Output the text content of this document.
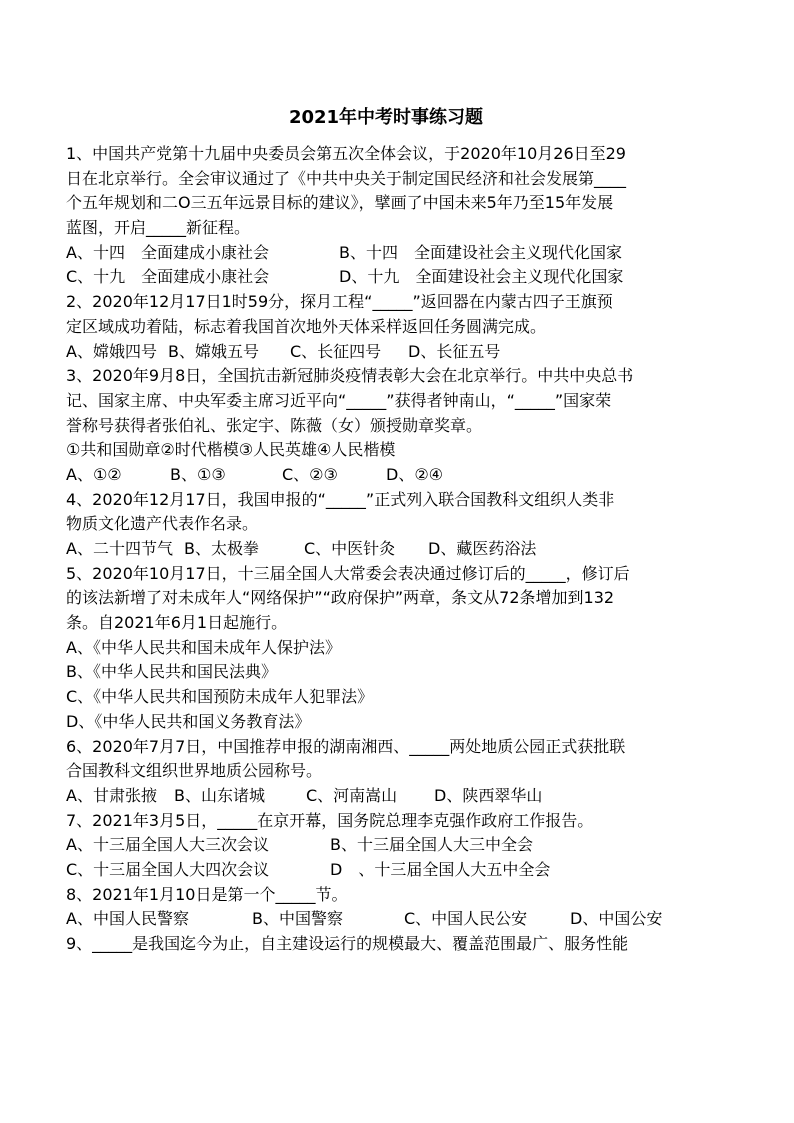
2021年中考时事练习题
1、中国共产党第十九届中央委员会第五次全体会议，于2020年10月26日至29
日在北京举行。全会审议通过了《中共中央关于制定国民经济和社会发展第____
个五年规划和二O三五年远景目标的建议》，擘画了中国未来5年乃至15年发展
蓝图，开启_____新征程。
A、十四　全面建成小康社会	B、十四　全面建设社会主义现代化国家
C、十九　全面建成小康社会	D、十九　全面建设社会主义现代化国家
2、2020年12月17日1时59分，探月工程“_____”返回器在内蒙古四子王旗预
定区域成功着陆，标志着我国首次地外天体采样返回任务圆满完成。
A、嫦娥四号 B、嫦娥五号	C、长征四号	D、长征五号
3、2020年9月8日，全国抗击新冠肺炎疫情表彰大会在北京举行。中共中央总书
记、国家主席、中央军委主席习近平向“_____”获得者钟南山，“_____”国家荣
誉称号获得者张伯礼、张定宇、陈薇（女）颁授勋章奖章。
①共和国勋章②时代楷模③人民英雄④人民楷模
A、①②	B、①③	C、②③	D、②④
4、2020年12月17日，我国申报的“_____”正式列入联合国教科文组织人类非
物质文化遗产代表作名录。
A、二十四节气 B、太极拳	C、中医针灸	D、藏医药浴法
5、2020年10月17日，十三届全国人大常委会表决通过修订后的_____，修订后
的该法新增了对未成年人“网络保护”“政府保护”两章，条文从72条增加到132
条。自2021年6月1日起施行。
A、《中华人民共和国未成年人保护法》
B、《中华人民共和国民法典》
C、《中华人民共和国预防未成年人犯罪法》
D、《中华人民共和国义务教育法》
6、2020年7月7日，中国推荐申报的湖南湘西、_____两处地质公园正式获批联
合国教科文组织世界地质公园称号。
A、甘肃张掖	B、山东诸城	C、河南嵩山	D、陕西翠华山
7、2021年3月5日，_____在京开幕，国务院总理李克强作政府工作报告。
A、十三届全国人大三次会议	B、十三届全国人大三中全会
C、十三届全国人大四次会议	D　、十三届全国人大五中全会
8、2021年1月10日是第一个_____节。
A、中国人民警察	B、中国警察	C、中国人民公安	D、中国公安
9、_____是我国迄今为止，自主建设运行的规模最大、覆盖范围最广、服务性能
